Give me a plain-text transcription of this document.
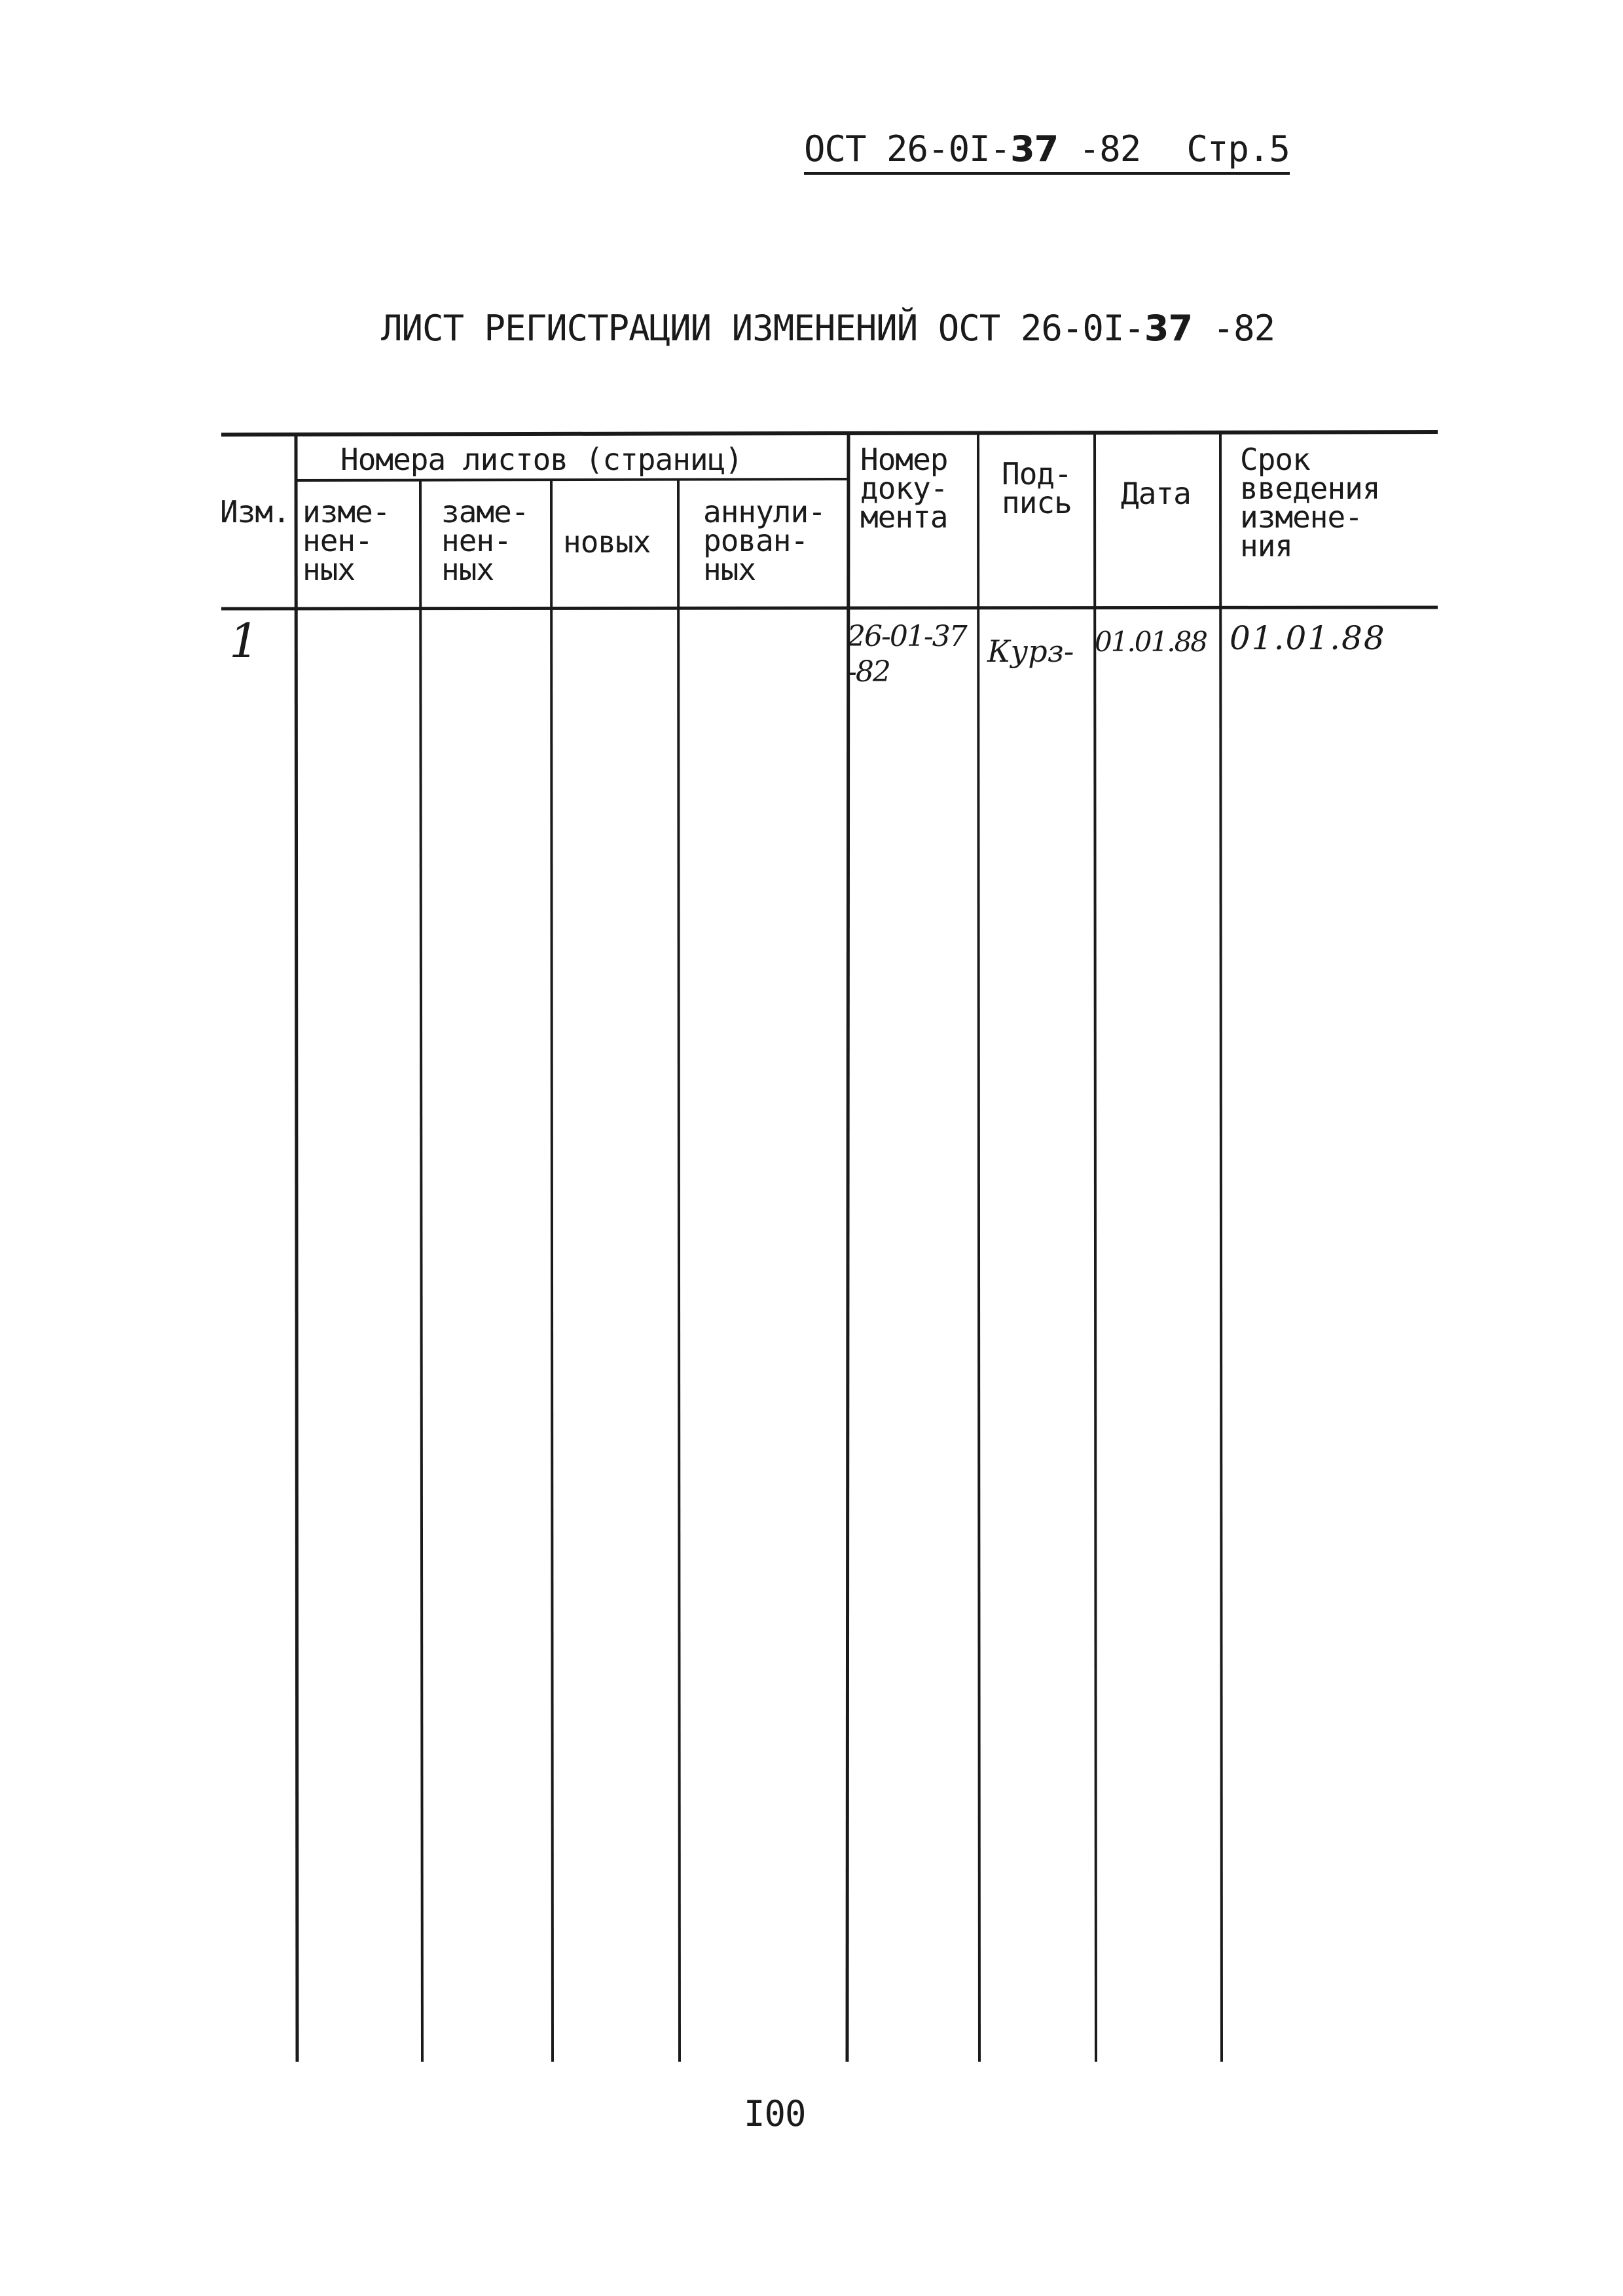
ОСТ 26-0I-37 -82 Стр.5
ЛИСТ РЕГИСТРАЦИИ ИЗМЕНЕНИЙ ОСТ 26-0I-37 -82
Изм.
Номера листов (страниц)
изме-
нен-
ных
заме-
нен-
ных
новых
аннули-
рован-
ных
Номер
доку-
мента
Под-
пись Дата
Срок
введения
измене-
ния
1	26-01-37
-82
Курз- 01.01.88 01.01.88
I00
